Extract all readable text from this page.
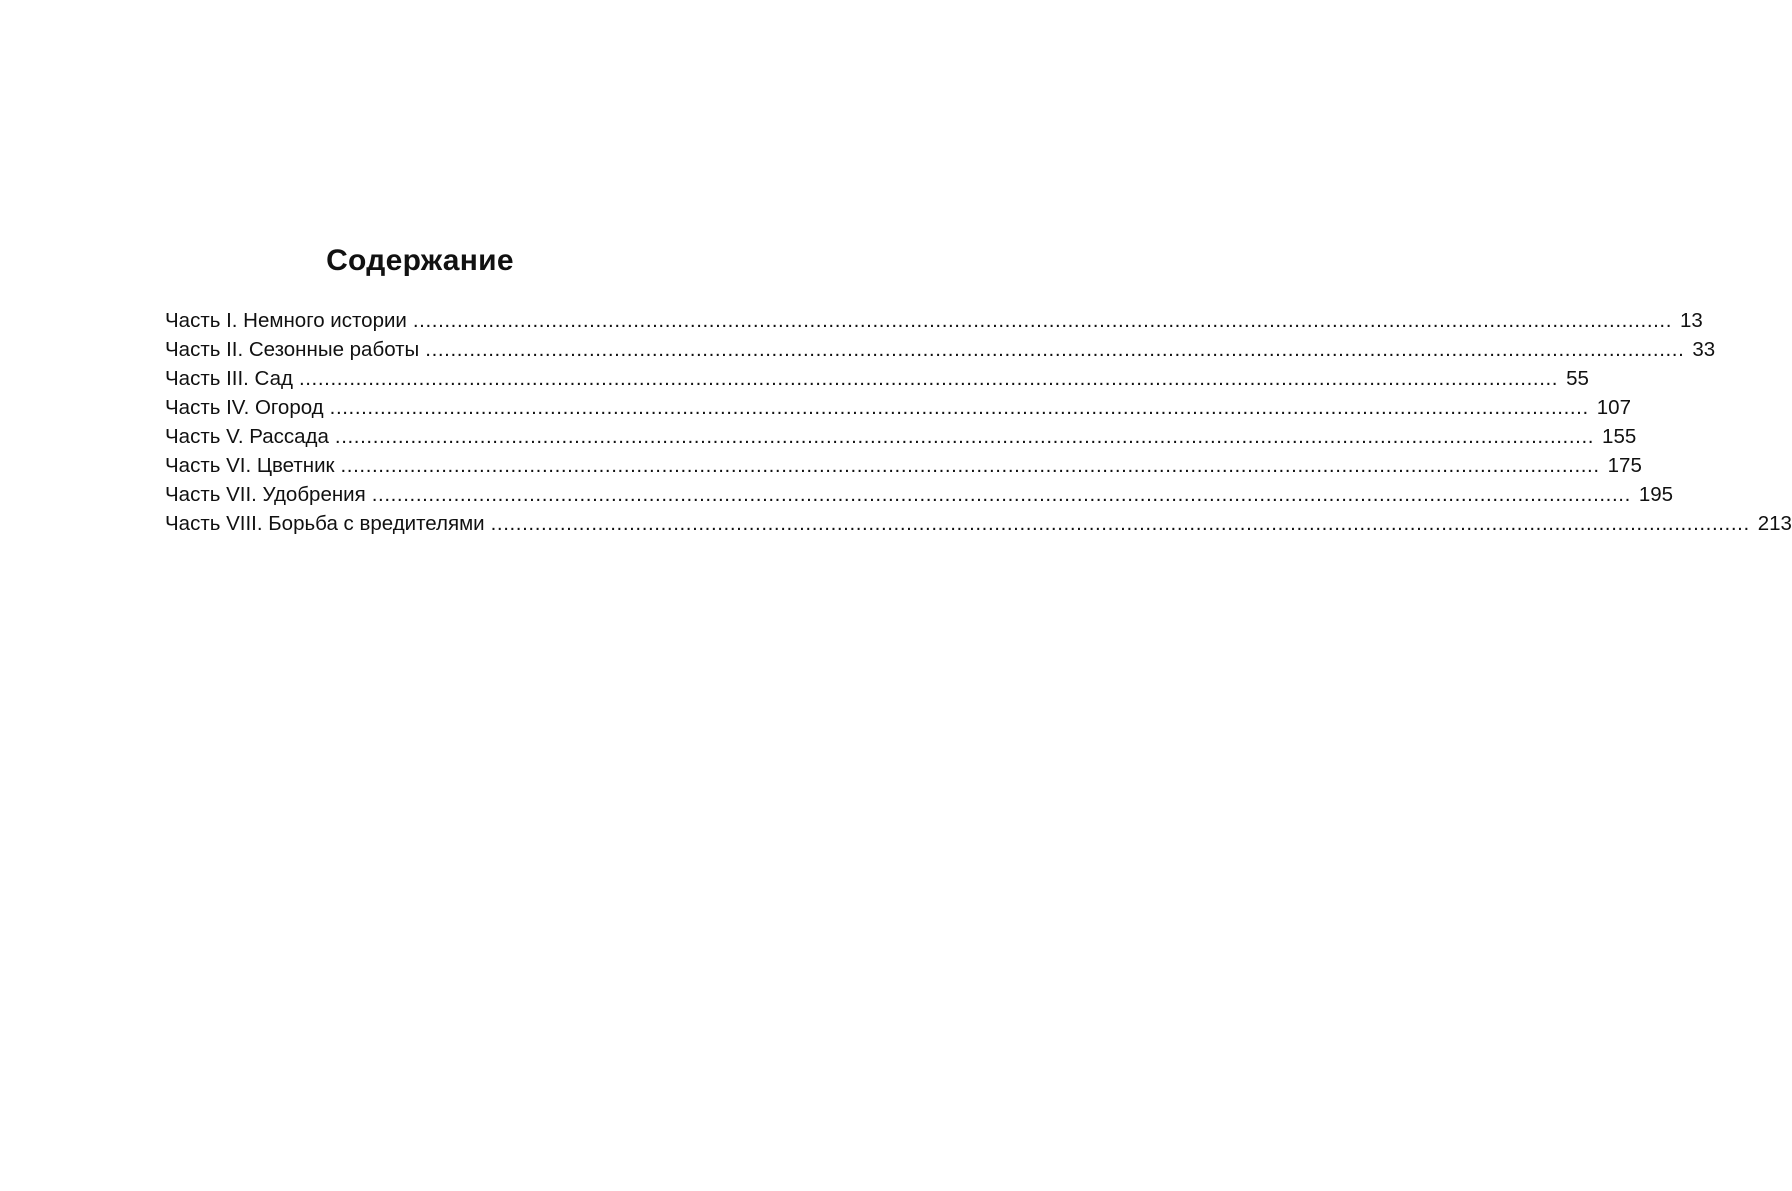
Содержание
Часть I. Немного истории ........................................................................................................................................................................................................ 13
Часть II. Сезонные работы ........................................................................................................................................................................................................ 33
Часть III. Сад ........................................................................................................................................................................................................ 55
Часть IV. Огород ........................................................................................................................................................................................................ 107
Часть V. Рассада ........................................................................................................................................................................................................ 155
Часть VI. Цветник ........................................................................................................................................................................................................ 175
Часть VII. Удобрения ........................................................................................................................................................................................................ 195
Часть VIII. Борьба с вредителями ........................................................................................................................................................................................................ 213
